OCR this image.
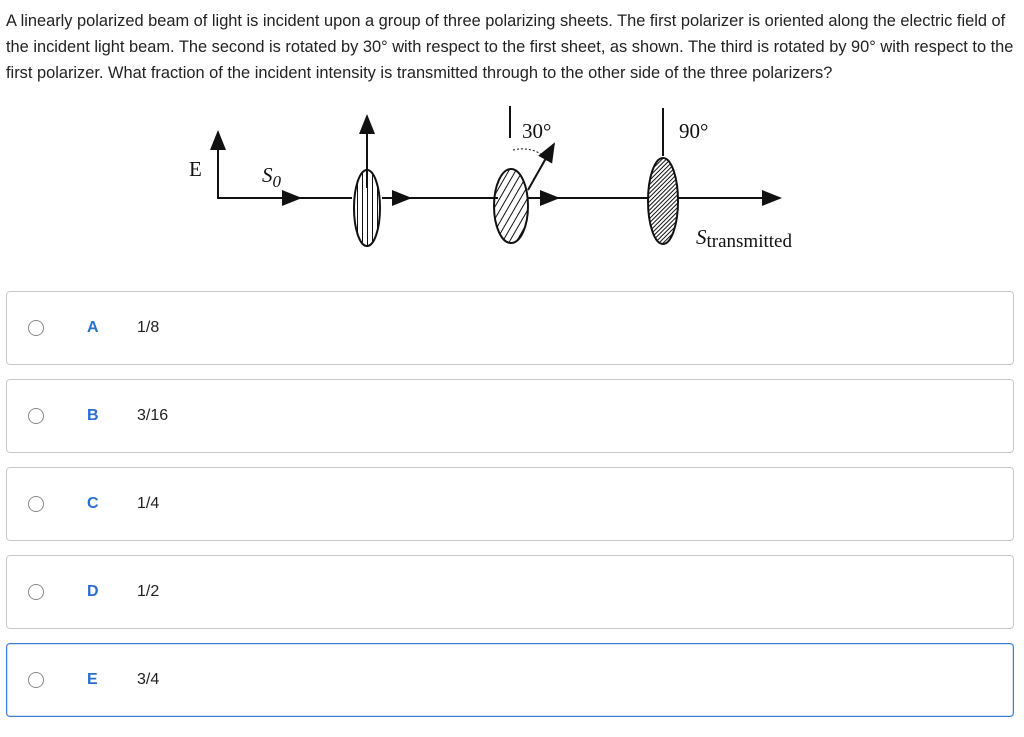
A linearly polarized beam of light is incident upon a group of three polarizing sheets. The first polarizer is oriented along the electric field of the incident light beam. The second is rotated by 30° with respect to the first sheet, as shown. The third is rotated by 90° with respect to the first polarizer. What fraction of the incident intensity is transmitted through to the other side of the three polarizers?
E	$S_0$
30°	90°
Stransmitted
A	1/8
B	3/16
C	1/4
D	1/2
E	3/4
